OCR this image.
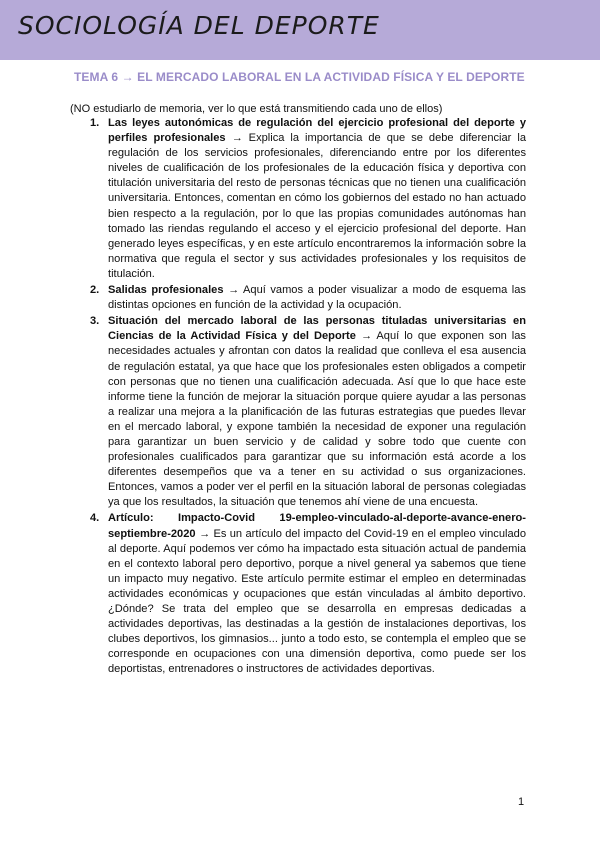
SOCIOLOGÍA DEL DEPORTE
TEMA 6 → EL MERCADO LABORAL EN LA ACTIVIDAD FÍSICA Y EL DEPORTE
(NO estudiarlo de memoria, ver lo que está transmitiendo cada uno de ellos)
1. Las leyes autonómicas de regulación del ejercicio profesional del deporte y perfiles profesionales → Explica la importancia de que se debe diferenciar la regulación de los servicios profesionales, diferenciando entre por los diferentes niveles de cualificación de los profesionales de la educación física y deportiva con titulación universitaria del resto de personas técnicas que no tienen una cualificación universitaria. Entonces, comentan en cómo los gobiernos del estado no han actuado bien respecto a la regulación, por lo que las propias comunidades autónomas han tomado las riendas regulando el acceso y el ejercicio profesional del deporte. Han generado leyes específicas, y en este artículo encontraremos la información sobre la normativa que regula el sector y sus actividades profesionales y los requisitos de titulación.
2. Salidas profesionales → Aquí vamos a poder visualizar a modo de esquema las distintas opciones en función de la actividad y la ocupación.
3. Situación del mercado laboral de las personas tituladas universitarias en Ciencias de la Actividad Física y del Deporte → Aquí lo que exponen son las necesidades actuales y afrontan con datos la realidad que conlleva el esa ausencia de regulación estatal, ya que hace que los profesionales esten obligados a competir con personas que no tienen una cualificación adecuada. Así que lo que hace este informe tiene la función de mejorar la situación porque quiere ayudar a las personas a realizar una mejora a la planificación de las futuras estrategias que puedes llevar en el mercado laboral, y expone también la necesidad de exponer una regulación para garantizar un buen servicio y de calidad y sobre todo que cuente con profesionales cualificados para garantizar que su información está acorde a los diferentes desempeños que va a tener en su actividad o sus organizaciones. Entonces, vamos a poder ver el perfil en la situación laboral de personas colegiadas ya que los resultados, la situación que tenemos ahí viene de una encuesta.
4. Artículo: Impacto-Covid 19-empleo-vinculado-al-deporte-avance-enero-septiembre-2020 → Es un artículo del impacto del Covid-19 en el empleo vinculado al deporte. Aquí podemos ver cómo ha impactado esta situación actual de pandemia en el contexto laboral pero deportivo, porque a nivel general ya sabemos que tiene un impacto muy negativo. Este artículo permite estimar el empleo en determinadas actividades económicas y ocupaciones que están vinculadas al ámbito deportivo. ¿Dónde? Se trata del empleo que se desarrolla en empresas dedicadas a actividades deportivas, las destinadas a la gestión de instalaciones deportivas, los clubes deportivos, los gimnasios... junto a todo esto, se contempla el empleo que se corresponde en ocupaciones con una dimensión deportiva, como puede ser los deportistas, entrenadores o instructores de actividades deportivas.
1
